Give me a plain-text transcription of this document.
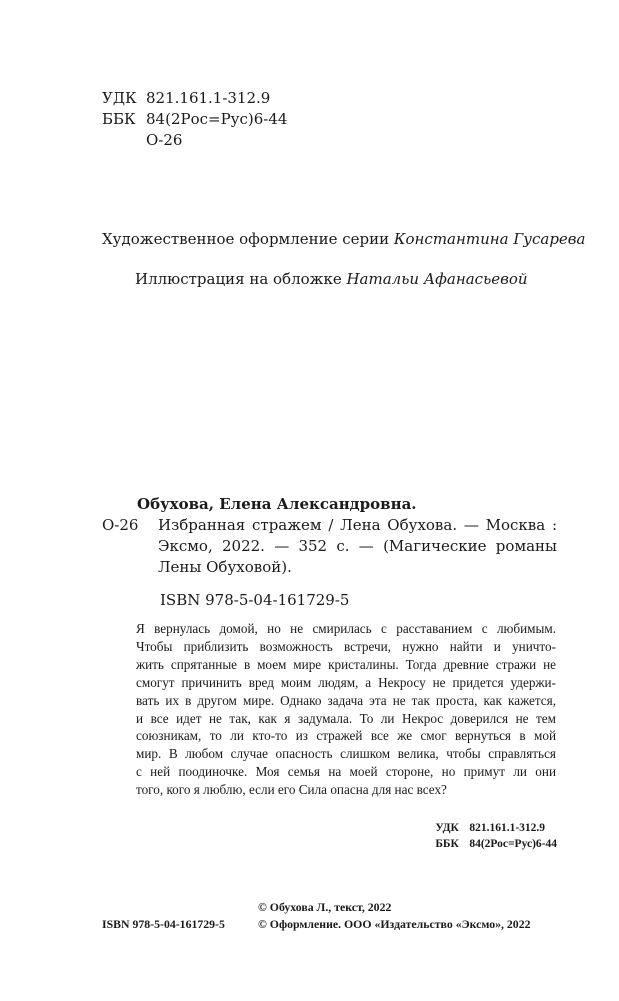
УДК 821.161.1-312.9
ББК 84(2Рос=Рус)6-44
О-26
Художественное оформление серии Константина Гусарева
Иллюстрация на обложке Натальи Афанасьевой
Обухова, Елена Александровна.
О-26	Избранная стражем / Лена Обухова. — Москва : Эксмо, 2022. — 352 с. — (Магические романы Лены Обуховой).
ISBN 978-5-04-161729-5
Я вернулась домой, но не смирилась с расставанием с любимым.
Чтобы приблизить возможность встречи, нужно найти и уничто-
жить спрятанные в моем мире кристалины. Тогда древние стражи не
смогут причинить вред моим людям, а Некросу не придется удержи-
вать их в другом мире. Однако задача эта не так проста, как кажется,
и все идет не так, как я задумала. То ли Некрос доверился не тем
союзникам, то ли кто-то из стражей все же смог вернуться в мой
мир. В любом случае опасность слишком велика, чтобы справляться
с ней поодиночке. Моя семья на моей стороне, но примут ли они
того, кого я люблю, если его Сила опасна для нас всех?
УДК 821.161.1-312.9
ББК 84(2Рос=Рус)6-44
© Обухова Л., текст, 2022
ISBN 978-5-04-161729-5	© Оформление. ООО «Издательство «Эксмо», 2022
